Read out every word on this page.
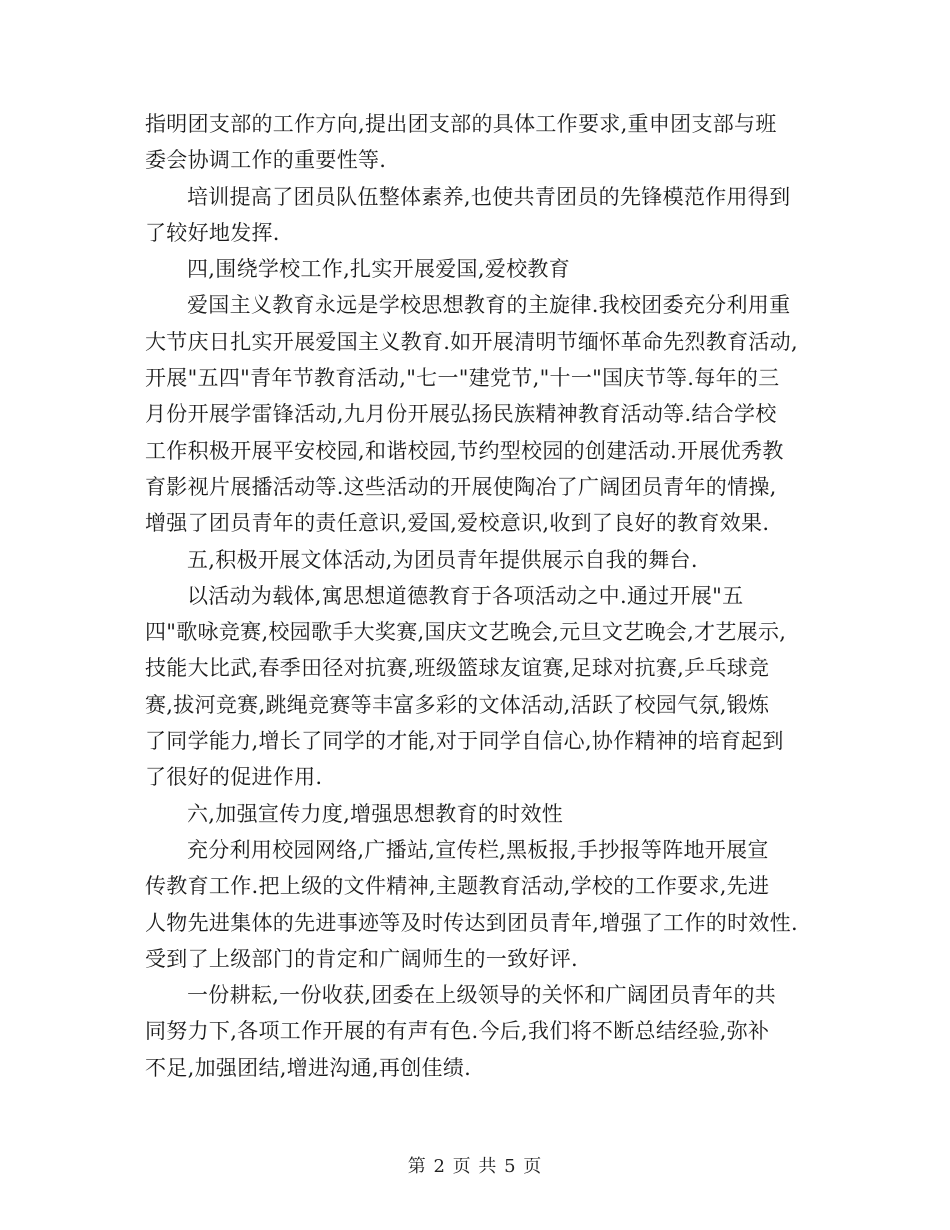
指明团支部的工作方向,提出团支部的具体工作要求,重申团支部与班
委会协调工作的重要性等.
培训提高了团员队伍整体素养,也使共青团员的先锋模范作用得到
了较好地发挥.
四,围绕学校工作,扎实开展爱国,爱校教育
爱国主义教育永远是学校思想教育的主旋律.我校团委充分利用重
大节庆日扎实开展爱国主义教育.如开展清明节缅怀革命先烈教育活动,
开展"五四"青年节教育活动,"七一"建党节,"十一"国庆节等.每年的三
月份开展学雷锋活动,九月份开展弘扬民族精神教育活动等.结合学校
工作积极开展平安校园,和谐校园,节约型校园的创建活动.开展优秀教
育影视片展播活动等.这些活动的开展使陶冶了广阔团员青年的情操,
增强了团员青年的责任意识,爱国,爱校意识,收到了良好的教育效果.
五,积极开展文体活动,为团员青年提供展示自我的舞台.
以活动为载体,寓思想道德教育于各项活动之中.通过开展"五
四"歌咏竞赛,校园歌手大奖赛,国庆文艺晚会,元旦文艺晚会,才艺展示,
技能大比武,春季田径对抗赛,班级篮球友谊赛,足球对抗赛,乒乓球竞
赛,拔河竞赛,跳绳竞赛等丰富多彩的文体活动,活跃了校园气氛,锻炼
了同学能力,增长了同学的才能,对于同学自信心,协作精神的培育起到
了很好的促进作用.
六,加强宣传力度,增强思想教育的时效性
充分利用校园网络,广播站,宣传栏,黑板报,手抄报等阵地开展宣
传教育工作.把上级的文件精神,主题教育活动,学校的工作要求,先进
人物先进集体的先进事迹等及时传达到团员青年,增强了工作的时效性.
受到了上级部门的肯定和广阔师生的一致好评.
一份耕耘,一份收获,团委在上级领导的关怀和广阔团员青年的共
同努力下,各项工作开展的有声有色.今后,我们将不断总结经验,弥补
不足,加强团结,增进沟通,再创佳绩.
第 2 页 共 5 页
